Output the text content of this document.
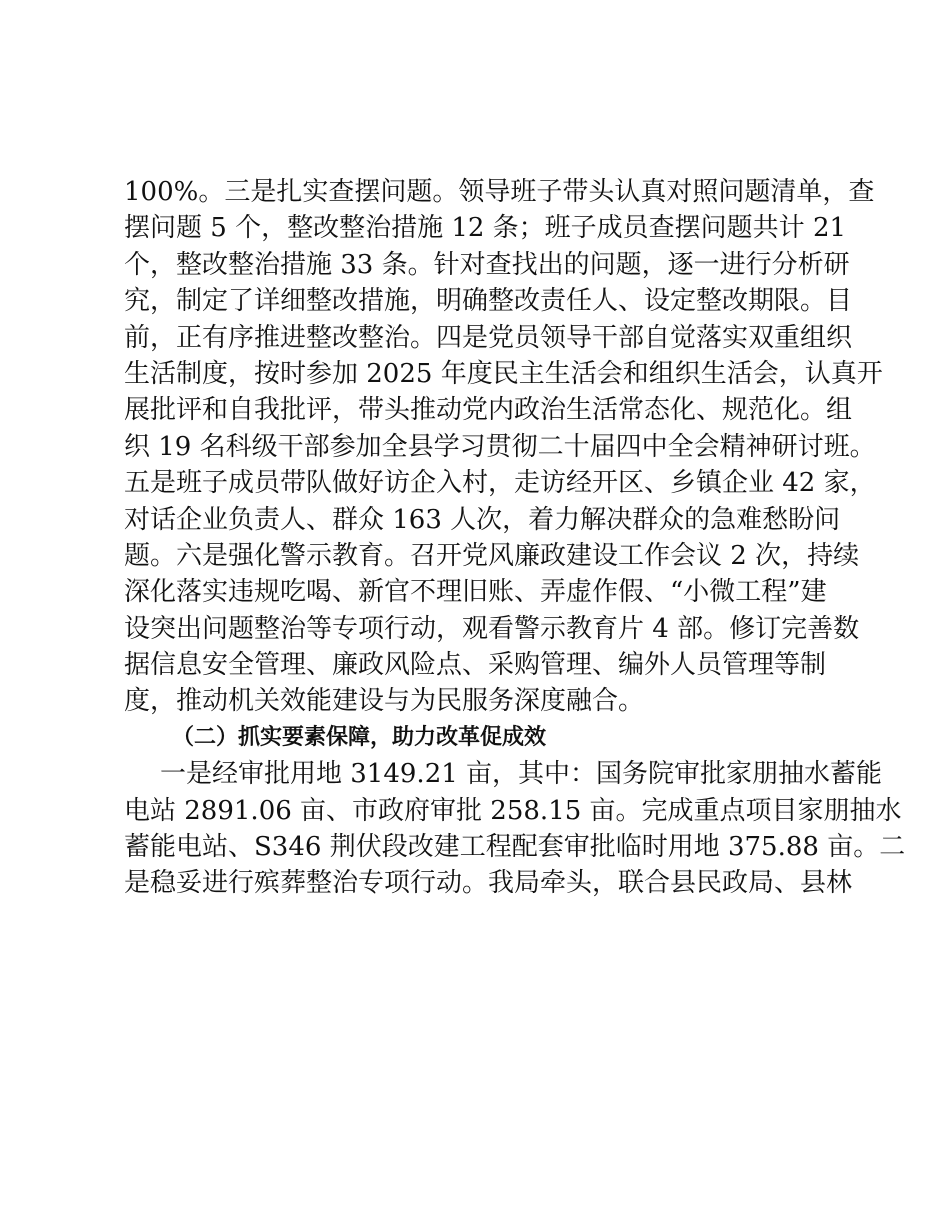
100%。三是扎实查摆问题。领导班子带头认真对照问题清单，查
摆问题 5 个，整改整治措施 12 条；班子成员查摆问题共计 21
个，整改整治措施 33 条。针对查找出的问题，逐一进行分析研
究，制定了详细整改措施，明确整改责任人、设定整改期限。目
前，正有序推进整改整治。四是党员领导干部自觉落实双重组织
生活制度，按时参加 2025 年度民主生活会和组织生活会，认真开
展批评和自我批评，带头推动党内政治生活常态化、规范化。组
织 19 名科级干部参加全县学习贯彻二十届四中全会精神研讨班。
五是班子成员带队做好访企入村，走访经开区、乡镇企业 42 家，
对话企业负责人、群众 163 人次，着力解决群众的急难愁盼问
题。六是强化警示教育。召开党风廉政建设工作会议 2 次，持续
深化落实违规吃喝、新官不理旧账、弄虚作假、“小微工程”建
设突出问题整治等专项行动，观看警示教育片 4 部。修订完善数
据信息安全管理、廉政风险点、采购管理、编外人员管理等制
度，推动机关效能建设与为民服务深度融合。
（二）抓实要素保障，助力改革促成效
一是经审批用地 3149.21 亩，其中：国务院审批家朋抽水蓄能
电站 2891.06 亩、市政府审批 258.15 亩。完成重点项目家朋抽水
蓄能电站、S346 荆伏段改建工程配套审批临时用地 375.88 亩。二
是稳妥进行殡葬整治专项行动。我局牵头，联合县民政局、县林
